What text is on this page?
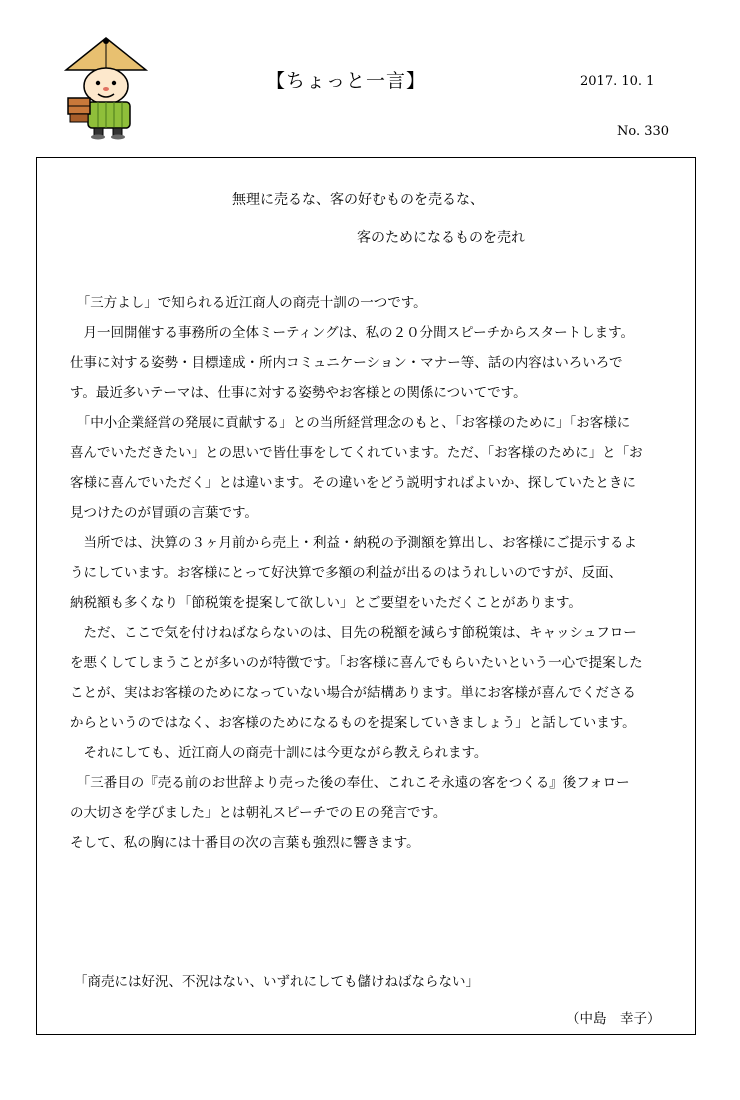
【ちょっと一言】	2017. 10. 1
No. 330
無理に売るな、客の好むものを売るな、
客のためになるものを売れ

　「三方よし」で知られる近江商人の商売十訓の一つです。

　月一回開催する事務所の全体ミーティングは、私の２０分間スピーチからスタートします。

仕事に対する姿勢・目標達成・所内コミュニケーション・マナー等、話の内容はいろいろで

す。最近多いテーマは、仕事に対する姿勢やお客様との関係についてです。

　「中小企業経営の発展に貢献する」との当所経営理念のもと、「お客様のために」「お客様に

喜んでいただきたい」との思いで皆仕事をしてくれています。ただ、「お客様のために」と「お

客様に喜んでいただく」とは違います。その違いをどう説明すればよいか、探していたときに

見つけたのが冒頭の言葉です。

　当所では、決算の３ヶ月前から売上・利益・納税の予測額を算出し、お客様にご提示するよ

うにしています。お客様にとって好決算で多額の利益が出るのはうれしいのですが、反面、

納税額も多くなり「節税策を提案して欲しい」とご要望をいただくことがあります。

　ただ、ここで気を付けねばならないのは、目先の税額を減らす節税策は、キャッシュフロー

を悪くしてしまうことが多いのが特徴です。「お客様に喜んでもらいたいという一心で提案した

ことが、実はお客様のためになっていない場合が結構あります。単にお客様が喜んでくださる

からというのではなく、お客様のためになるものを提案していきましょう」と話しています。

　それにしても、近江商人の商売十訓には今更ながら教えられます。

　「三番目の『売る前のお世辞より売った後の奉仕、これこそ永遠の客をつくる』後フォロー

の大切さを学びました」とは朝礼スピーチでのＥの発言です。

そして、私の胸には十番目の次の言葉も強烈に響きます。

「商売には好況、不況はない、いずれにしても儲けねばならない」
（中島　幸子）
